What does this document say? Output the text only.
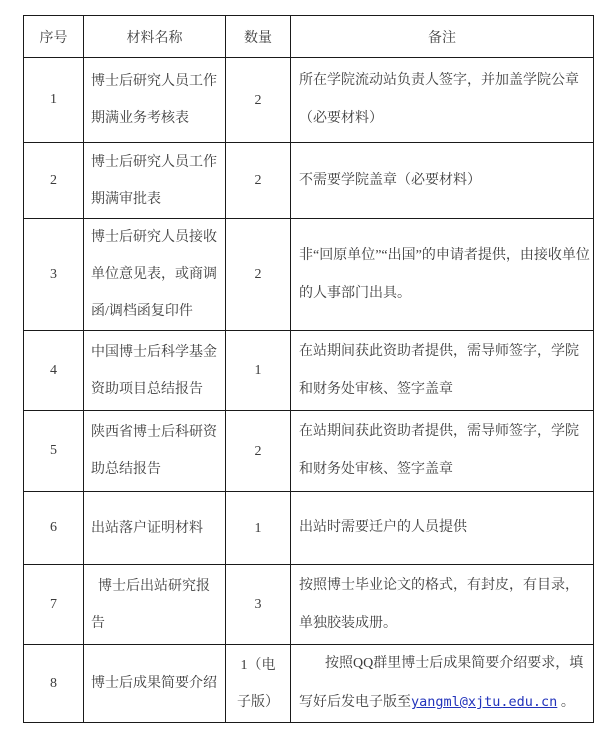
序号	材料名称	数量	备注
1	博士后研究人员工作期满业务考核表	2	所在学院流动站负责人签字，并加盖学院公章（必要材料）
2	博士后研究人员工作期满审批表	2	不需要学院盖章（必要材料）
3	博士后研究人员接收单位意见表，或商调函/调档函复印件	2	非“回原单位”“出国”的申请者提供，由接收单位的人事部门出具。
4	中国博士后科学基金资助项目总结报告	1	在站期间获此资助者提供，需导师签字，学院和财务处审核、签字盖章
5	陕西省博士后科研资助总结报告	2	在站期间获此资助者提供，需导师签字，学院和财务处审核、签字盖章
6	出站落户证明材料	1	出站时需要迁户的人员提供
7	博士后出站研究报告	3	按照博士毕业论文的格式，有封皮，有目录，单独胶装成册。
8	博士后成果简要介绍	1（电子版）	按照QQ群里博士后成果简要介绍要求，填写好后发电子版至yangml@xjtu.edu.cn 。
